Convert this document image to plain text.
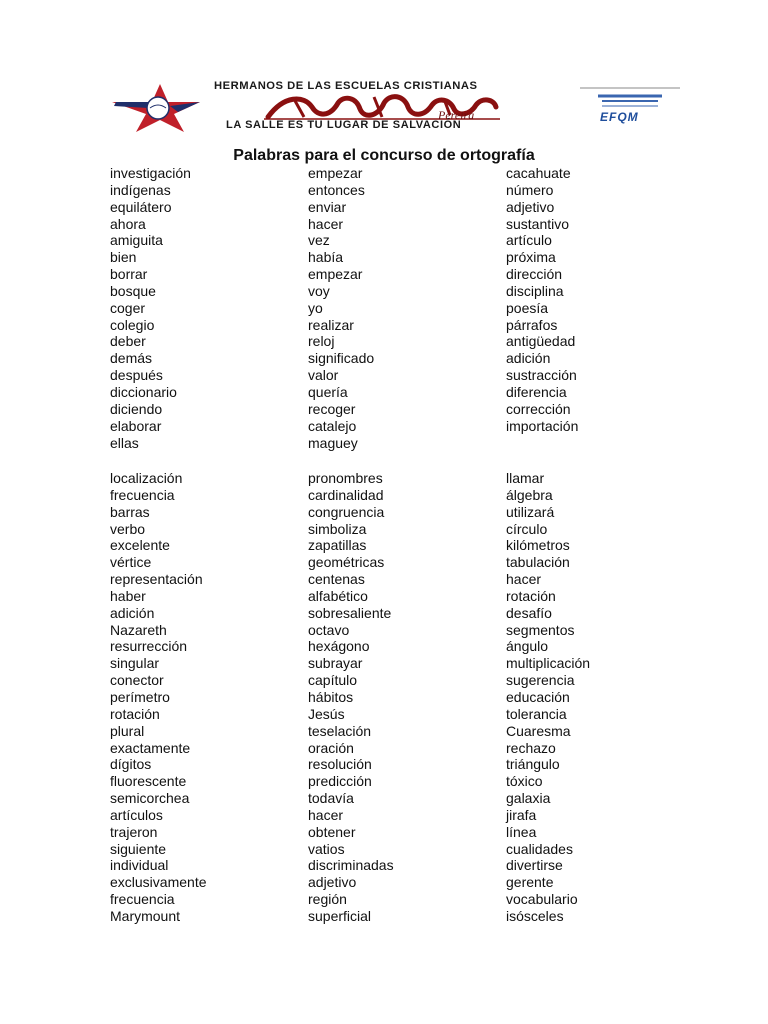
HERMANOS DE LAS ESCUELAS CRISTIANAS
Pereira
LA SALLE ES TU LUGAR DE SALVACIÓN
EFQM
Palabras para el concurso de ortografía
investigación
indígenas
equilátero
ahora
amiguita
bien
borrar
bosque
coger
colegio
deber
demás
después
diccionario
diciendo
elaborar
ellas
empezar
entonces
enviar
hacer
vez
había
empezar
voy
yo
realizar
reloj
significado
valor
quería
recoger
catalejo
maguey
cacahuate
número
adjetivo
sustantivo
artículo
próxima
dirección
disciplina
poesía
párrafos
antigüedad
adición
sustracción
diferencia
corrección
importación
localización
frecuencia
barras
verbo
excelente
vértice
representación
haber
adición
Nazareth
resurrección
singular
conector
perímetro
rotación
plural
exactamente
dígitos
fluorescente
semicorchea
artículos
trajeron
siguiente
individual
exclusivamente
frecuencia
Marymount
pronombres
cardinalidad
congruencia
simboliza
zapatillas
geométricas
centenas
alfabético
sobresaliente
octavo
hexágono
subrayar
capítulo
hábitos
Jesús
teselación
oración
resolución
predicción
todavía
hacer
obtener
vatios
discriminadas
adjetivo
región
superficial
llamar
álgebra
utilizará
círculo
kilómetros
tabulación
hacer
rotación
desafío
segmentos
ángulo
multiplicación
sugerencia
educación
tolerancia
Cuaresma
rechazo
triángulo
tóxico
galaxia
jirafa
línea
cualidades
divertirse
gerente
vocabulario
isósceles
